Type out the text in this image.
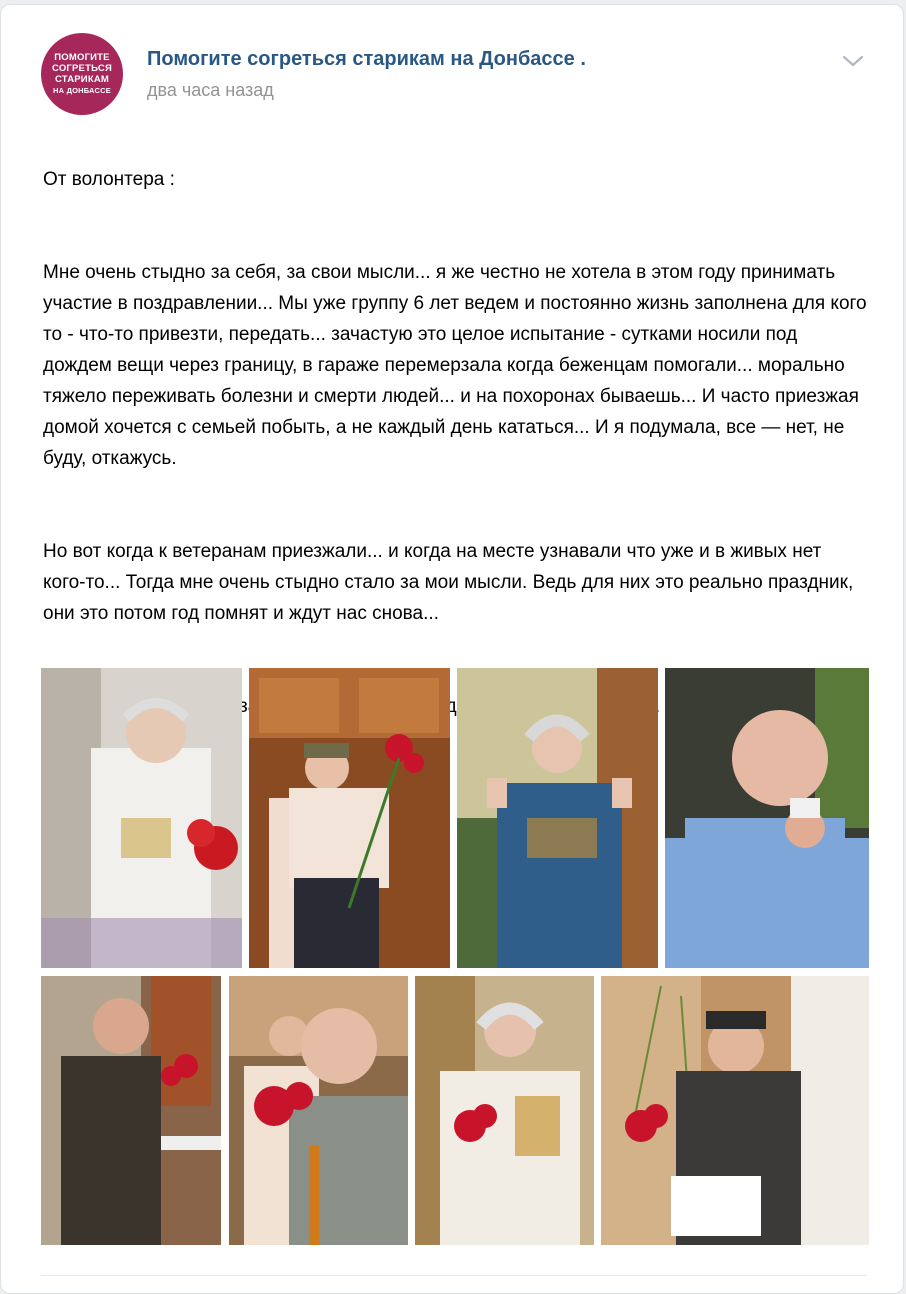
ПОМОГИТЕ
СОГРЕТЬСЯ
СТАРИКАМ
НА ДОНБАССЕ
Помогите согреться старикам на Донбассе .
два часа назад

От волонтера :

Мне очень стыдно за себя, за свои мысли... я же честно не хотела в этом году принимать участие в поздравлении... Мы уже группу 6 лет ведем и постоянно жизнь заполнена для кого то - что-то привезти, передать... зачастую это целое испытание - сутками носили под дождем вещи через границу, в гараже перемерзала когда беженцам помогали... морально тяжело переживать болезни и смерти людей... и на похоронах бываешь... И часто приезжая домой хочется с семьей побыть, а не каждый день кататься... И я подумала, все — нет, не буду, откажусь.

Но вот когда к ветеранам приезжали... и когда на месте узнавали что уже и в живых нет кого-то... Тогда мне очень стыдно стало за мои мысли. Ведь для них это реально праздник, они это потом год помнят и ждут нас снова...

за людям
